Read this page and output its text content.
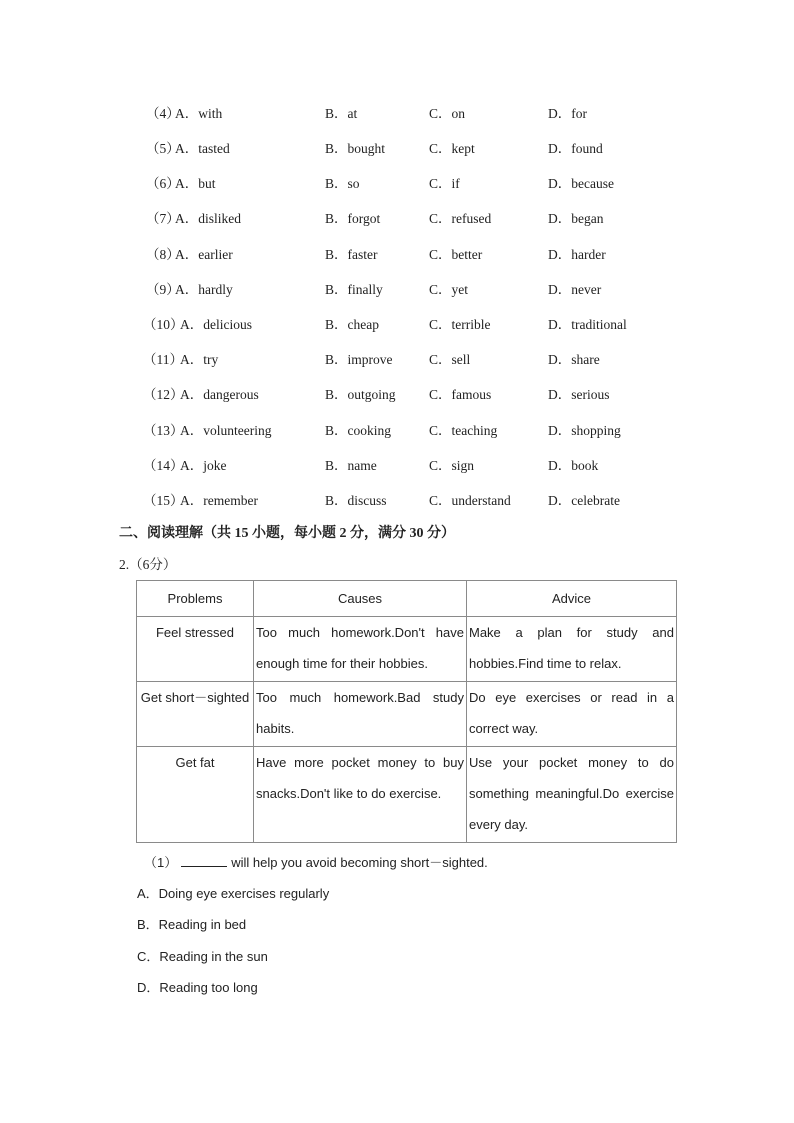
（4）
A．with	B．at	C．on	D．for
（5）
A．tasted	B．bought	C．kept	D．found
（6）
A．but	B．so	C．if	D．because
（7）
A．disliked	B．forgot	C．refused	D．began
（8）
A．earlier	B．faster	C．better	D．harder
（9）
A．hardly	B．finally	C．yet	D．never
（10）
A．delicious	B．cheap	C．terrible	D．traditional
（11）
A．try	B．improve	C．sell	D．share
（12）
A．dangerous	B．outgoing C．famous	D．serious
（13）
A．volunteering	B．cooking	C．teaching	D．shopping
（14）
A．joke	B．name	C．sign	D．book
（15）
A．remember	B．discuss	C．understand	D．celebrate
二、阅读理解（共 15 小题，每小题 2 分，满分 30 分）
2.（6分）
Problems	Causes	Advice
Feel stressed	Too much homework.Don't have enough time for their hobbies.	Make a plan for study and hobbies.Find time to relax.
Get short－sighted	Too much homework.Bad study habits.	Do eye exercises or read in a correct way.
Get fat	Have more pocket money to buy snacks.Don't like to do exercise.	Use your pocket money to do something meaningful.Do exercise every day.
（1）	will help you avoid becoming short－sighted.
A．Doing eye exercises regularly
B．Reading in bed
C．Reading in the sun
D．Reading too long
